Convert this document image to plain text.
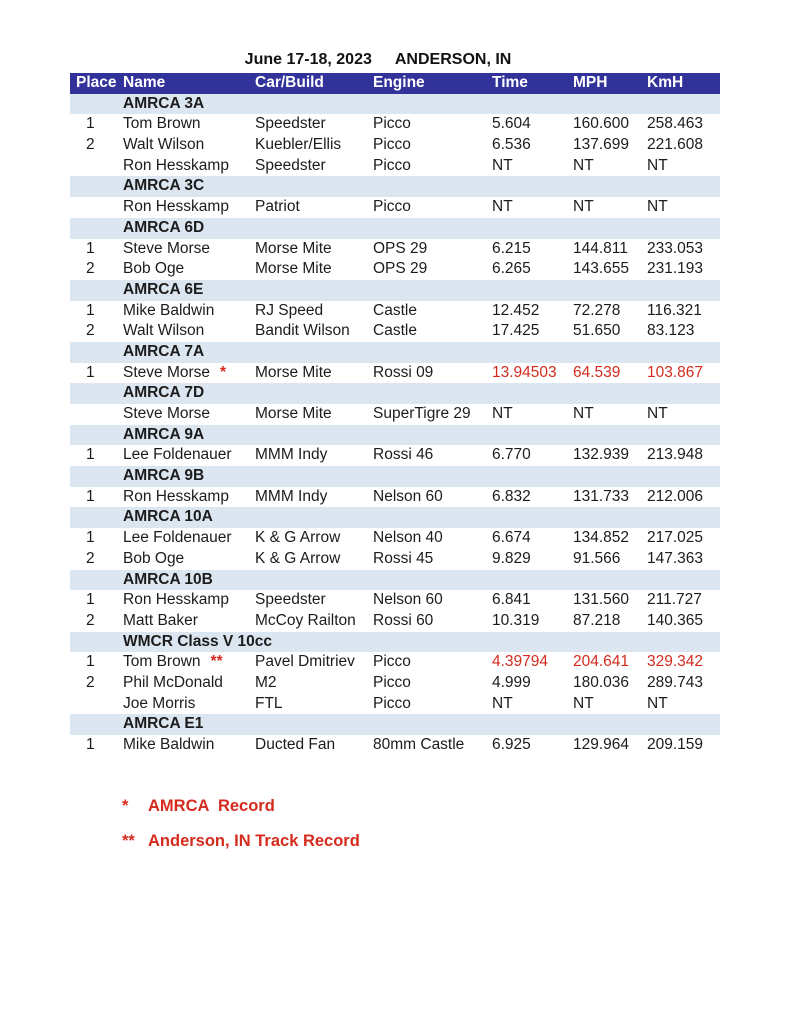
June 17-18, 2023 ANDERSON, IN
Place Name	Car/Build	Engine	Time	MPH	KmH
AMRCA 3A
1	Tom Brown	Speedster	Picco	5.604	160.600	258.463
2	Walt Wilson	Kuebler/Ellis	Picco	6.536	137.699	221.608
Ron Hesskamp	Speedster	Picco	NT	NT	NT
AMRCA 3C
Ron Hesskamp	Patriot	Picco	NT	NT	NT
AMRCA 6D
1	Steve Morse	Morse Mite	OPS 29	6.215	144.811	233.053
2	Bob Oge	Morse Mite	OPS 29	6.265	143.655	231.193
AMRCA 6E
1	Mike Baldwin	RJ Speed	Castle	12.452	72.278	116.321
2	Walt Wilson	Bandit Wilson	Castle	17.425	51.650	83.123
AMRCA 7A
1	Steve Morse *	Morse Mite	Rossi 09	13.94503	64.539	103.867
AMRCA 7D
Steve Morse	Morse Mite	SuperTigre 29	NT	NT	NT
AMRCA 9A
1	Lee Foldenauer	MMM Indy	Rossi 46	6.770	132.939	213.948
AMRCA 9B
1	Ron Hesskamp	MMM Indy	Nelson 60	6.832	131.733	212.006
AMRCA 10A
1	Lee Foldenauer	K & G Arrow	Nelson 40	6.674	134.852	217.025
2	Bob Oge	K & G Arrow	Rossi 45	9.829	91.566	147.363
AMRCA 10B
1	Ron Hesskamp	Speedster	Nelson 60	6.841	131.560	211.727
2	Matt Baker	McCoy Railton	Rossi 60	10.319	87.218	140.365
WMCR Class V 10cc
1	Tom Brown **	Pavel Dmitriev	Picco	4.39794	204.641	329.342
2	Phil McDonald	M2	Picco	4.999	180.036	289.743
Joe Morris	FTL	Picco	NT	NT	NT
AMRCA E1
1	Mike Baldwin	Ducted Fan	80mm Castle	6.925	129.964	209.159
* AMRCA  Record
** Anderson, IN Track Record
